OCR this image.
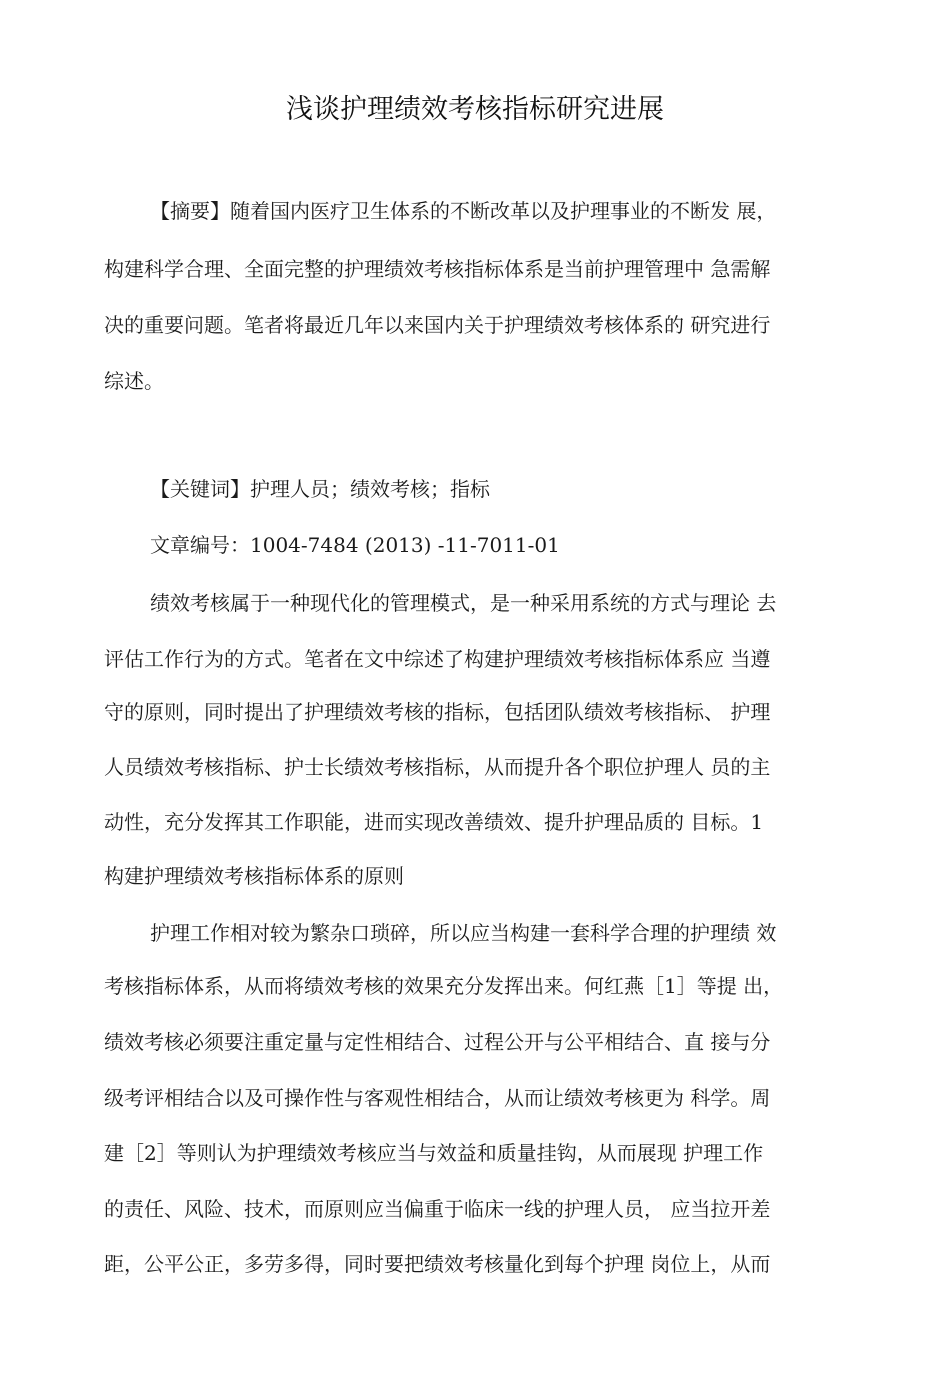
浅谈护理绩效考核指标研究进展
【摘要】随着国内医疗卫生体系的不断改革以及护理事业的不断发 展，
构建科学合理、全面完整的护理绩效考核指标体系是当前护理管理中 急需解
决的重要问题。笔者将最近几年以来国内关于护理绩效考核体系的 研究进行
综述。
【关键词】护理人员；绩效考核；指标
文章编号：1004-7484 (2013) -11-7011-01
绩效考核属于一种现代化的管理模式，是一种采用系统的方式与理论 去
评估工作行为的方式。笔者在文中综述了构建护理绩效考核指标体系应 当遵
守的原则，同时提出了护理绩效考核的指标，包括团队绩效考核指标、 护理
人员绩效考核指标、护士长绩效考核指标，从而提升各个职位护理人 员的主
动性，充分发挥其工作职能，进而实现改善绩效、提升护理品质的 目标。1
构建护理绩效考核指标体系的原则
护理工作相对较为繁杂口琐碎，所以应当构建一套科学合理的护理绩 效
考核指标体系，从而将绩效考核的效果充分发挥出来。何红燕［1］等提 出，
绩效考核必须要注重定量与定性相结合、过程公开与公平相结合、直 接与分
级考评相结合以及可操作性与客观性相结合，从而让绩效考核更为 科学。周
建［2］等则认为护理绩效考核应当与效益和质量挂钩，从而展现 护理工作
的责任、风险、技术，而原则应当偏重于临床一线的护理人员， 应当拉开差
距，公平公正，多劳多得，同时要把绩效考核量化到每个护理 岗位上，从而
